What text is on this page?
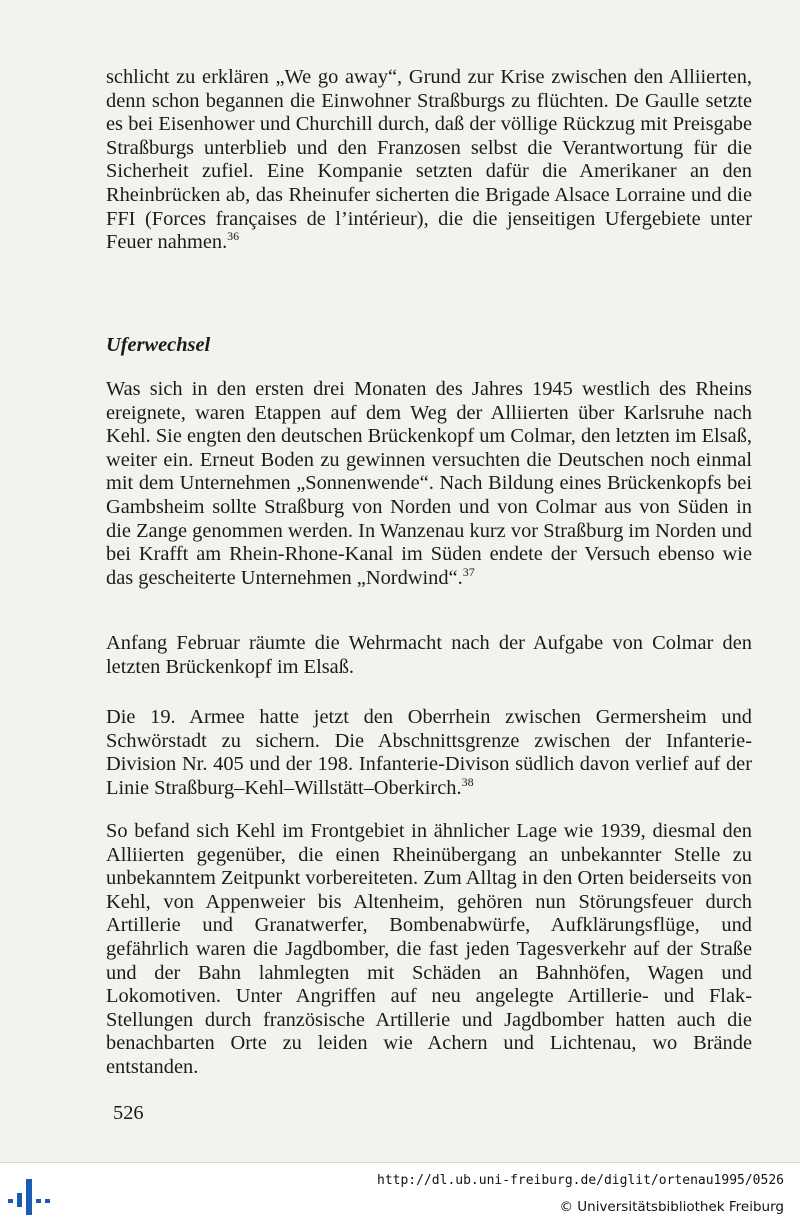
schlicht zu erklären „We go away“, Grund zur Krise zwischen den Alliierten, denn schon begannen die Einwohner Straßburgs zu flüchten. De Gaulle setzte es bei Eisenhower und Churchill durch, daß der völlige Rückzug mit Preisgabe Straßburgs unterblieb und den Franzosen selbst die Verantwortung für die Sicherheit zufiel. Eine Kompanie setzten dafür die Amerikaner an den Rheinbrücken ab, das Rheinufer sicherten die Brigade Alsace Lorraine und die FFI (Forces françaises de l’intérieur), die die jenseitigen Ufergebiete unter Feuer nahmen.$^{36}$

Uferwechsel

Was sich in den ersten drei Monaten des Jahres 1945 westlich des Rheins ereignete, waren Etappen auf dem Weg der Alliierten über Karlsruhe nach Kehl. Sie engten den deutschen Brückenkopf um Colmar, den letzten im Elsaß, weiter ein. Erneut Boden zu gewinnen versuchten die Deutschen noch einmal mit dem Unternehmen „Sonnenwende“. Nach Bildung eines Brückenkopfs bei Gambsheim sollte Straßburg von Norden und von Colmar aus von Süden in die Zange genommen werden. In Wanzenau kurz vor Straßburg im Norden und bei Krafft am Rhein-Rhone-Kanal im Süden endete der Versuch ebenso wie das gescheiterte Unternehmen „Nordwind“.$^{37}$

Anfang Februar räumte die Wehrmacht nach der Aufgabe von Colmar den letzten Brückenkopf im Elsaß.

Die 19. Armee hatte jetzt den Oberrhein zwischen Germersheim und Schwörstadt zu sichern. Die Abschnittsgrenze zwischen der Infanterie-Division Nr. 405 und der 198. Infanterie-Divison südlich davon verlief auf der Linie Straßburg–Kehl–Willstätt–Oberkirch.$^{38}$

So befand sich Kehl im Frontgebiet in ähnlicher Lage wie 1939, diesmal den Alliierten gegenüber, die einen Rheinübergang an unbekannter Stelle zu unbekanntem Zeitpunkt vorbereiteten. Zum Alltag in den Orten beiderseits von Kehl, von Appenweier bis Altenheim, gehören nun Störungsfeuer durch Artillerie und Granatwerfer, Bombenabwürfe, Aufklärungsflüge, und gefährlich waren die Jagdbomber, die fast jeden Tagesverkehr auf der Straße und der Bahn lahmlegten mit Schäden an Bahnhöfen, Wagen und Lokomotiven. Unter Angriffen auf neu angelegte Artillerie- und Flak-Stellungen durch französische Artillerie und Jagdbomber hatten auch die benachbarten Orte zu leiden wie Achern und Lichtenau, wo Brände entstanden.

526
http://dl.ub.uni-freiburg.de/diglit/ortenau1995/0526
© Universitätsbibliothek Freiburg
